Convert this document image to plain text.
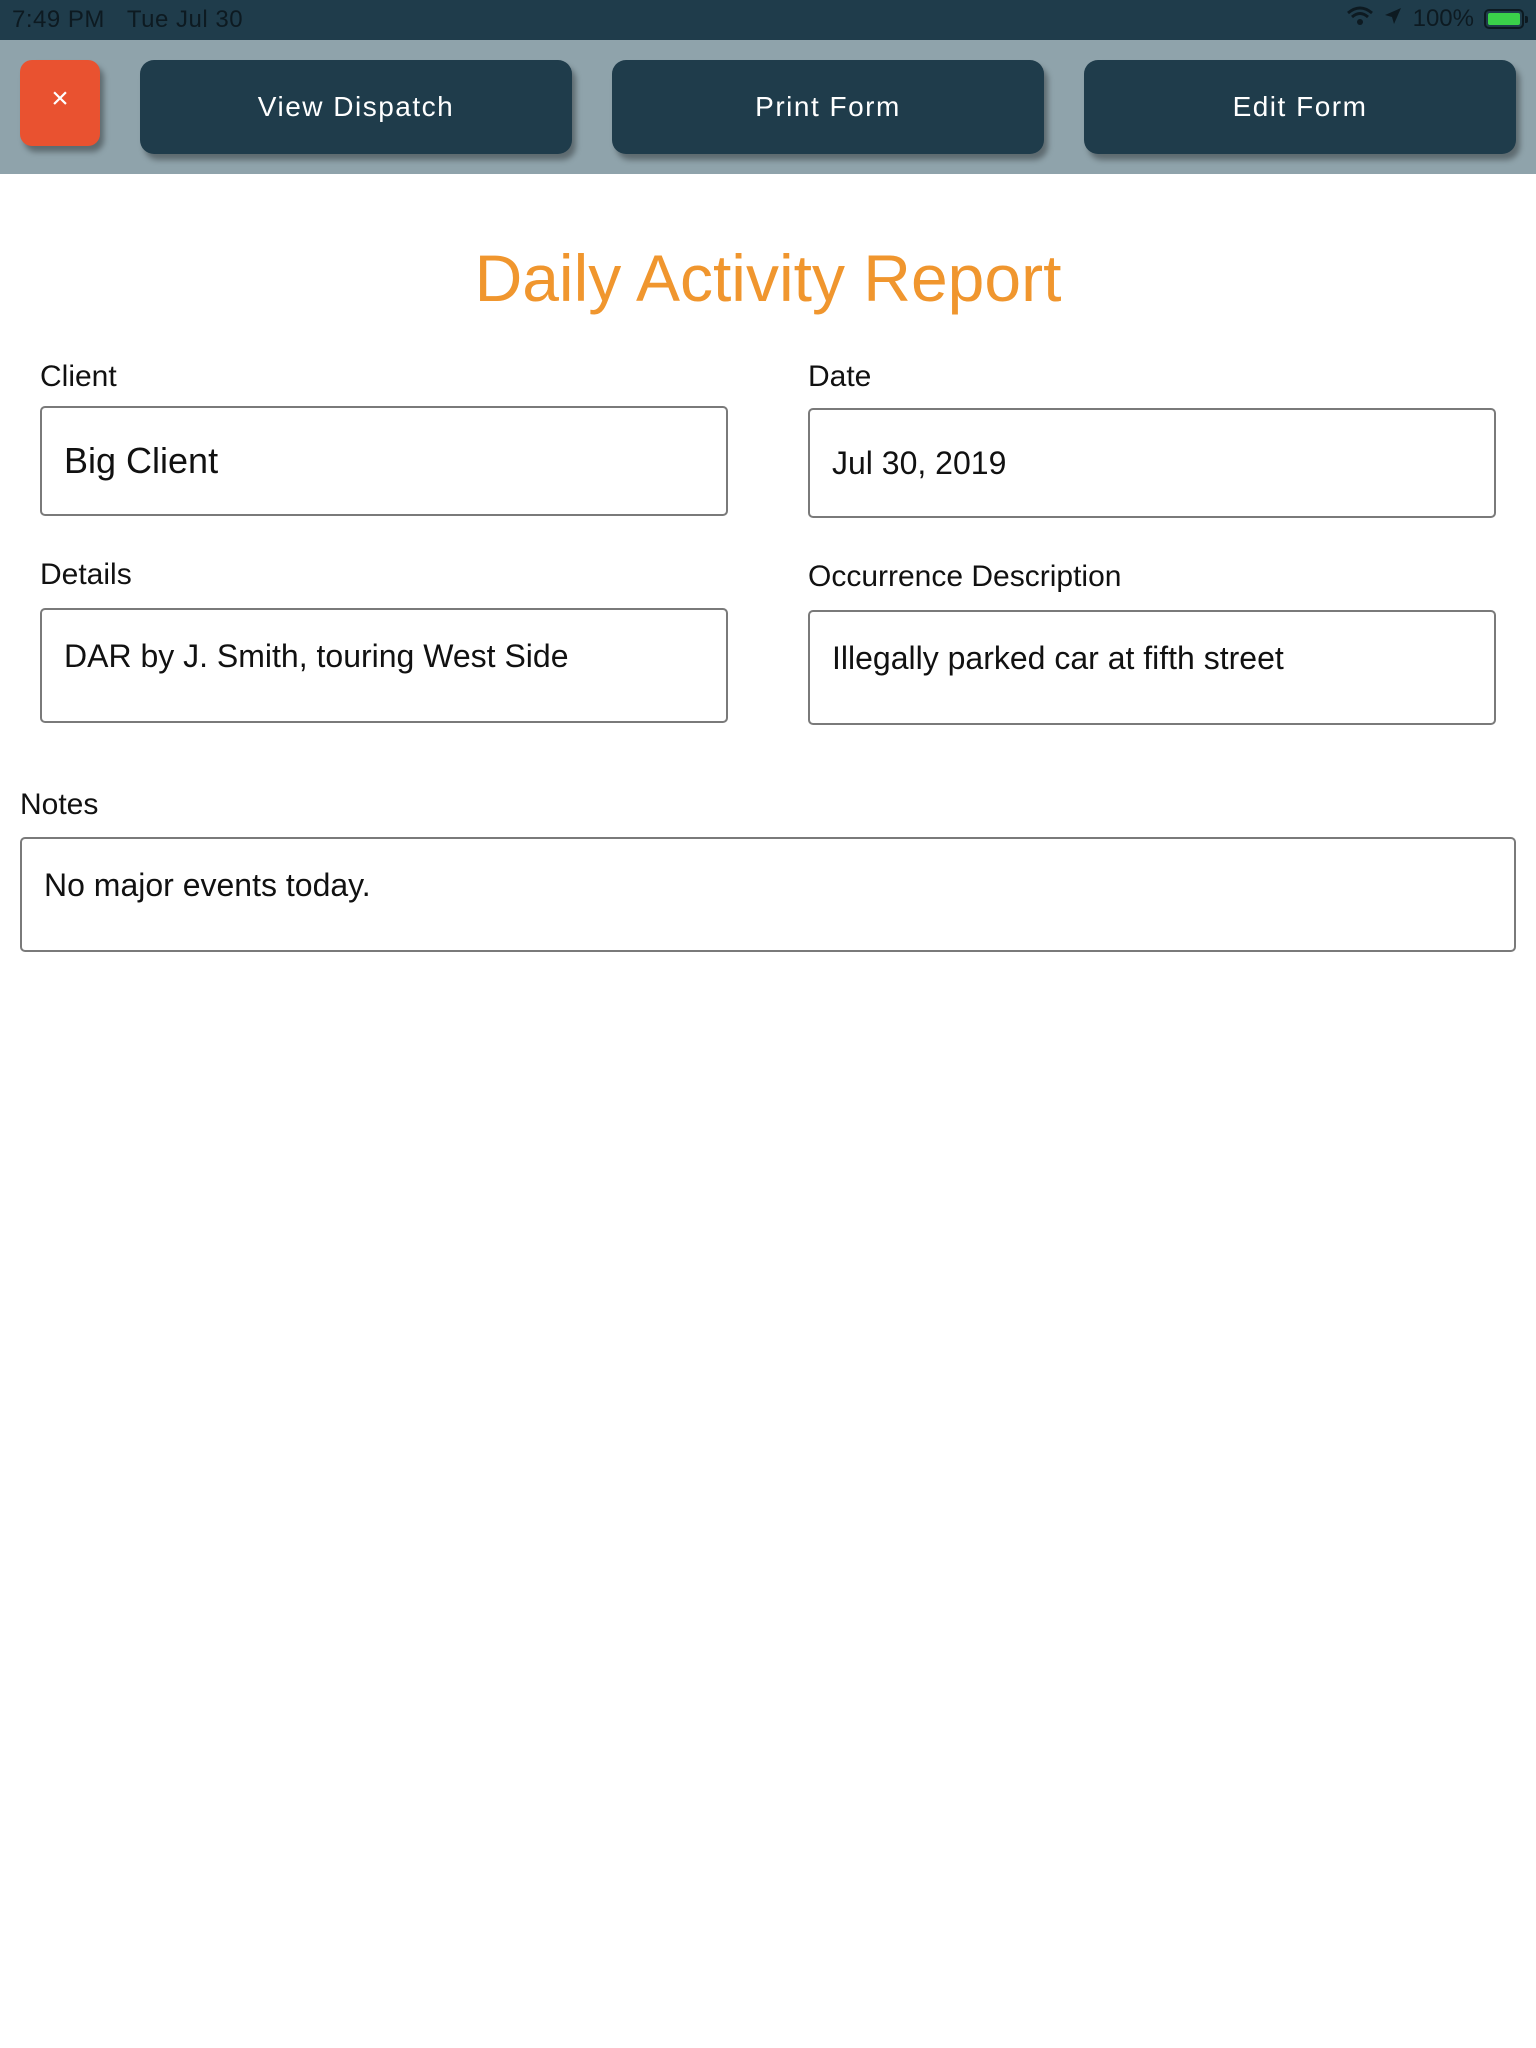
7:49 PM Tue Jul 30	100%
×	View Dispatch	Print Form	Edit Form
Daily Activity Report
Client
Big Client
Date
Jul 30, 2019
Details
DAR by J. Smith, touring West Side
Occurrence Description
Illegally parked car at fifth street
Notes
No major events today.
